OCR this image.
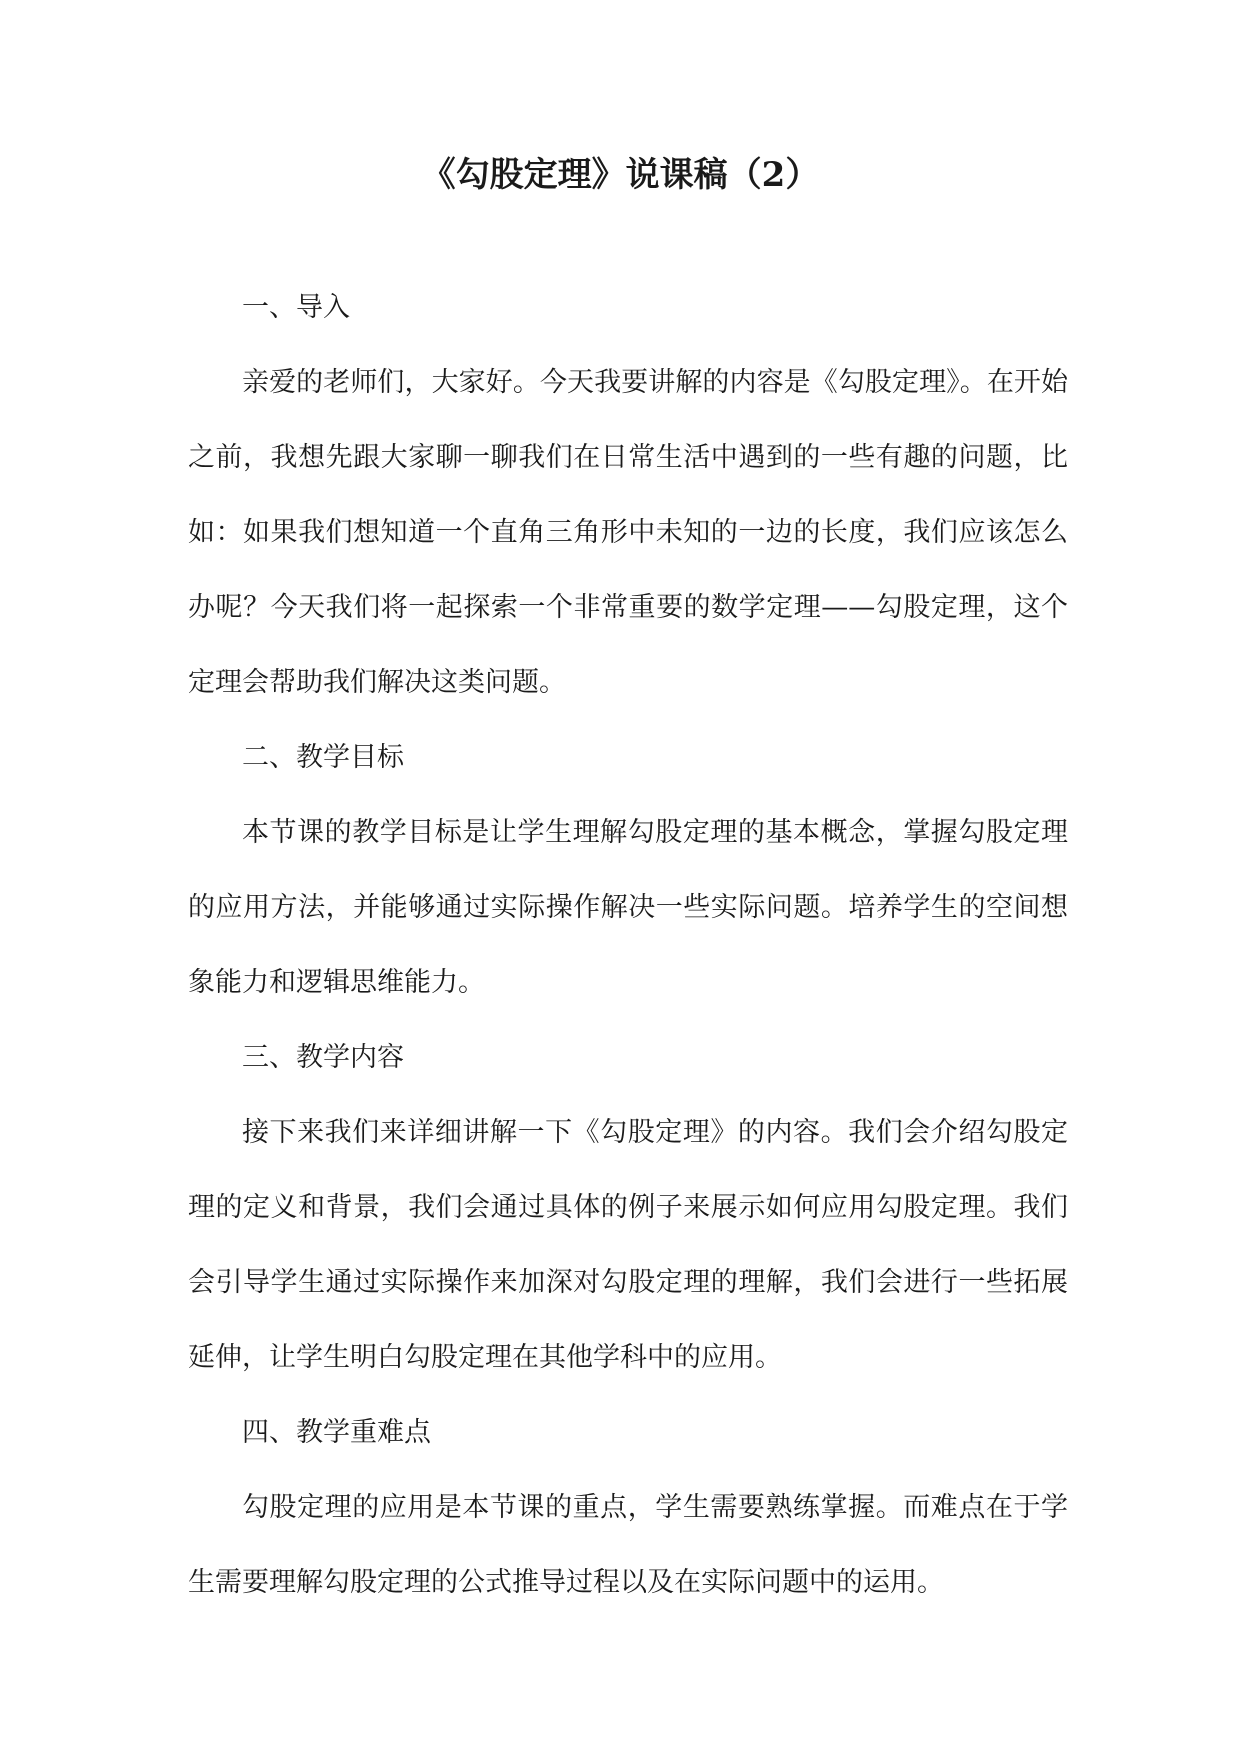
《勾股定理》说课稿（2）

一、导入

亲爱的老师们，大家好。今天我要讲解的内容是《勾股定理》。在开始之前，我想先跟大家聊一聊我们在日常生活中遇到的一些有趣的问题，比如：如果我们想知道一个直角三角形中未知的一边的长度，我们应该怎么办呢？今天我们将一起探索一个非常重要的数学定理——勾股定理，这个定理会帮助我们解决这类问题。

二、教学目标

本节课的教学目标是让学生理解勾股定理的基本概念，掌握勾股定理的应用方法，并能够通过实际操作解决一些实际问题。培养学生的空间想象能力和逻辑思维能力。

三、教学内容

接下来我们来详细讲解一下《勾股定理》的内容。我们会介绍勾股定理的定义和背景，我们会通过具体的例子来展示如何应用勾股定理。我们会引导学生通过实际操作来加深对勾股定理的理解，我们会进行一些拓展延伸，让学生明白勾股定理在其他学科中的应用。

四、教学重难点

勾股定理的应用是本节课的重点，学生需要熟练掌握。而难点在于学生需要理解勾股定理的公式推导过程以及在实际问题中的运用。
